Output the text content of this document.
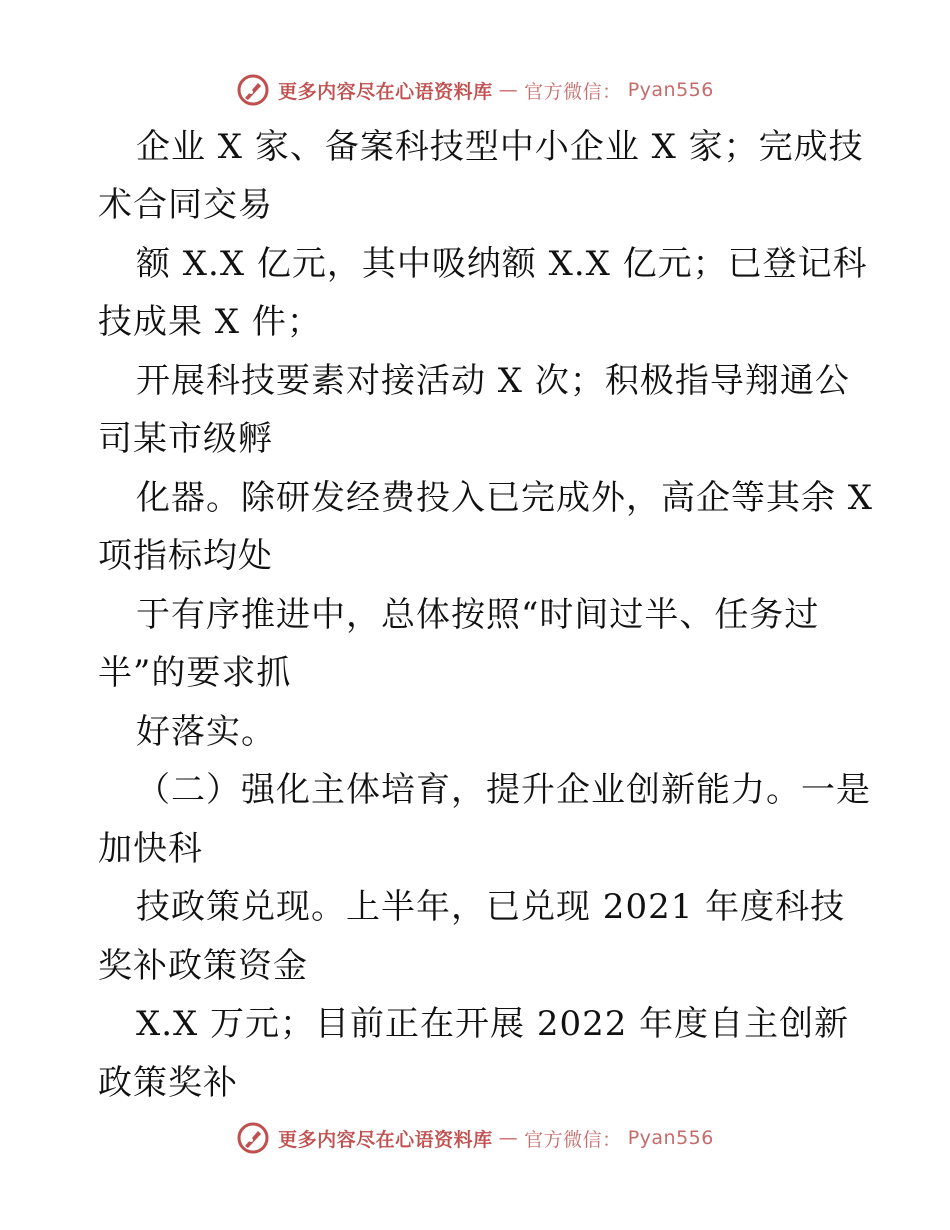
更多内容尽在心语资料库 — 官方微信： Pyan556
企业 X 家、备案科技型中小企业 X 家；完成技
术合同交易
额 X.X 亿元，其中吸纳额 X.X 亿元；已登记科
技成果 X 件；
开展科技要素对接活动 X 次；积极指导翔通公
司某市级孵
化器。除研发经费投入已完成外，高企等其余 X
项指标均处
于有序推进中，总体按照“时间过半、任务过
半”的要求抓
好落实。
（二）强化主体培育，提升企业创新能力。一是
加快科
技政策兑现。上半年，已兑现 2021 年度科技
奖补政策资金
X.X 万元；目前正在开展 2022 年度自主创新
政策奖补
更多内容尽在心语资料库 — 官方微信： Pyan556
